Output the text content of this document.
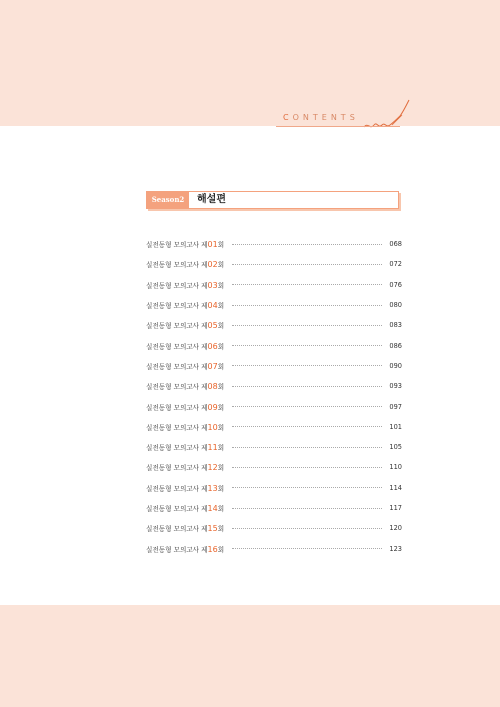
CONTENTS
Season2	해설편
실전동형 모의고사 제01회	068
실전동형 모의고사 제02회	072
실전동형 모의고사 제03회	076
실전동형 모의고사 제04회	080
실전동형 모의고사 제05회	083
실전동형 모의고사 제06회	086
실전동형 모의고사 제07회	090
실전동형 모의고사 제08회	093
실전동형 모의고사 제09회	097
실전동형 모의고사 제10회	101
실전동형 모의고사 제11회	105
실전동형 모의고사 제12회	110
실전동형 모의고사 제13회	114
실전동형 모의고사 제14회	117
실전동형 모의고사 제15회	120
실전동형 모의고사 제16회	123
